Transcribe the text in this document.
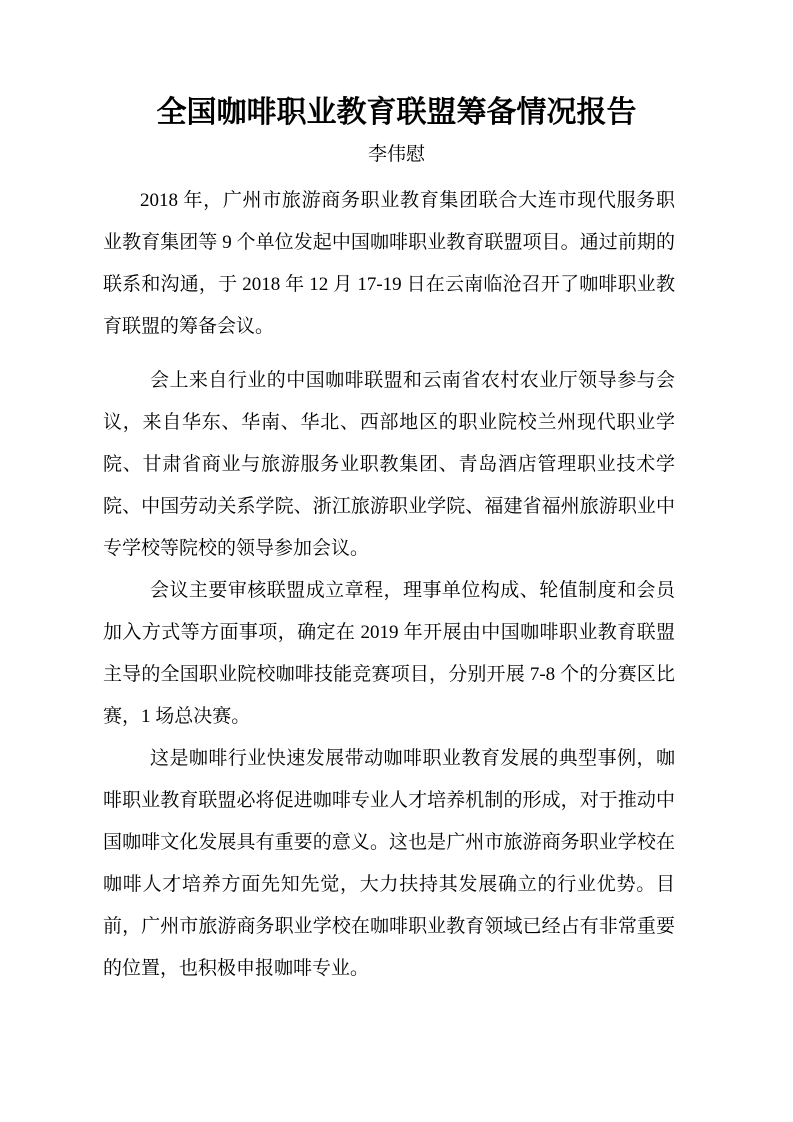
全国咖啡职业教育联盟筹备情况报告
李伟慰

2018 年，广州市旅游商务职业教育集团联合大连市现代服务职业教育集团等 9 个单位发起中国咖啡职业教育联盟项目。通过前期的联系和沟通，于 2018 年 12 月 17-19 日在云南临沧召开了咖啡职业教育联盟的筹备会议。

会上来自行业的中国咖啡联盟和云南省农村农业厅领导参与会议，来自华东、华南、华北、西部地区的职业院校兰州现代职业学院、甘肃省商业与旅游服务业职教集团、青岛酒店管理职业技术学院、中国劳动关系学院、浙江旅游职业学院、福建省福州旅游职业中专学校等院校的领导参加会议。

会议主要审核联盟成立章程，理事单位构成、轮值制度和会员加入方式等方面事项，确定在 2019 年开展由中国咖啡职业教育联盟主导的全国职业院校咖啡技能竞赛项目，分别开展 7-8 个的分赛区比赛，1 场总决赛。

这是咖啡行业快速发展带动咖啡职业教育发展的典型事例，咖啡职业教育联盟必将促进咖啡专业人才培养机制的形成，对于推动中国咖啡文化发展具有重要的意义。这也是广州市旅游商务职业学校在咖啡人才培养方面先知先觉，大力扶持其发展确立的行业优势。目前，广州市旅游商务职业学校在咖啡职业教育领域已经占有非常重要的位置，也积极申报咖啡专业。
